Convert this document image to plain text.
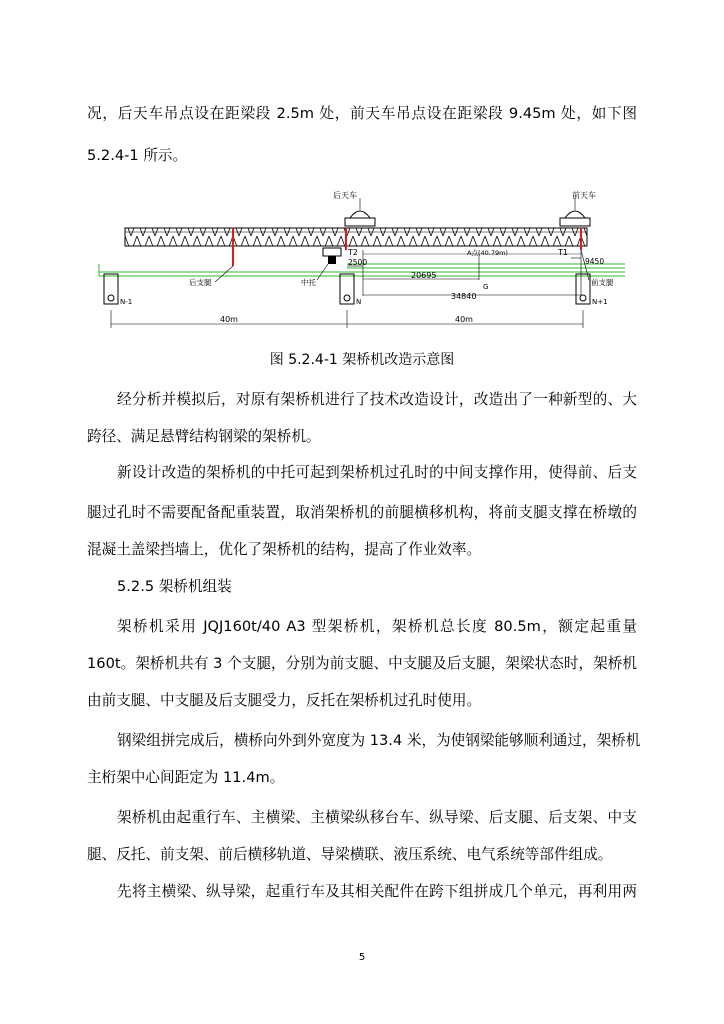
况，后天车吊点设在距梁段 2.5m 处，前天车吊点设在距梁段 9.45m 处，如下图
5.2.4-1 所示。
后天车	前天车
后支腿	中托	前支腿
T2	T1
2500	9450
20695
34840
A点(40.79m)
G
N-1	N	N+1
40m	40m
图 5.2.4-1 架桥机改造示意图
经分析并模拟后，对原有架桥机进行了技术改造设计，改造出了一种新型的、大
跨径、满足悬臂结构钢梁的架桥机。
新设计改造的架桥机的中托可起到架桥机过孔时的中间支撑作用，使得前、后支
腿过孔时不需要配备配重装置，取消架桥机的前腿横移机构，将前支腿支撑在桥墩的
混凝土盖梁挡墙上，优化了架桥机的结构，提高了作业效率。
5.2.5 架桥机组装
架桥机采用 JQJ160t/40 A3 型架桥机，架桥机总长度 80.5m，额定起重量
160t。架桥机共有 3 个支腿，分别为前支腿、中支腿及后支腿，架梁状态时，架桥机
由前支腿、中支腿及后支腿受力，反托在架桥机过孔时使用。
钢梁组拼完成后，横桥向外到外宽度为 13.4 米，为使钢梁能够顺利通过，架桥机
主桁架中心间距定为 11.4m。
架桥机由起重行车、主横梁、主横梁纵移台车、纵导梁、后支腿、后支架、中支
腿、反托、前支架、前后横移轨道、导梁横联、液压系统、电气系统等部件组成。
先将主横梁、纵导梁，起重行车及其相关配件在跨下组拼成几个单元，再利用两
5
